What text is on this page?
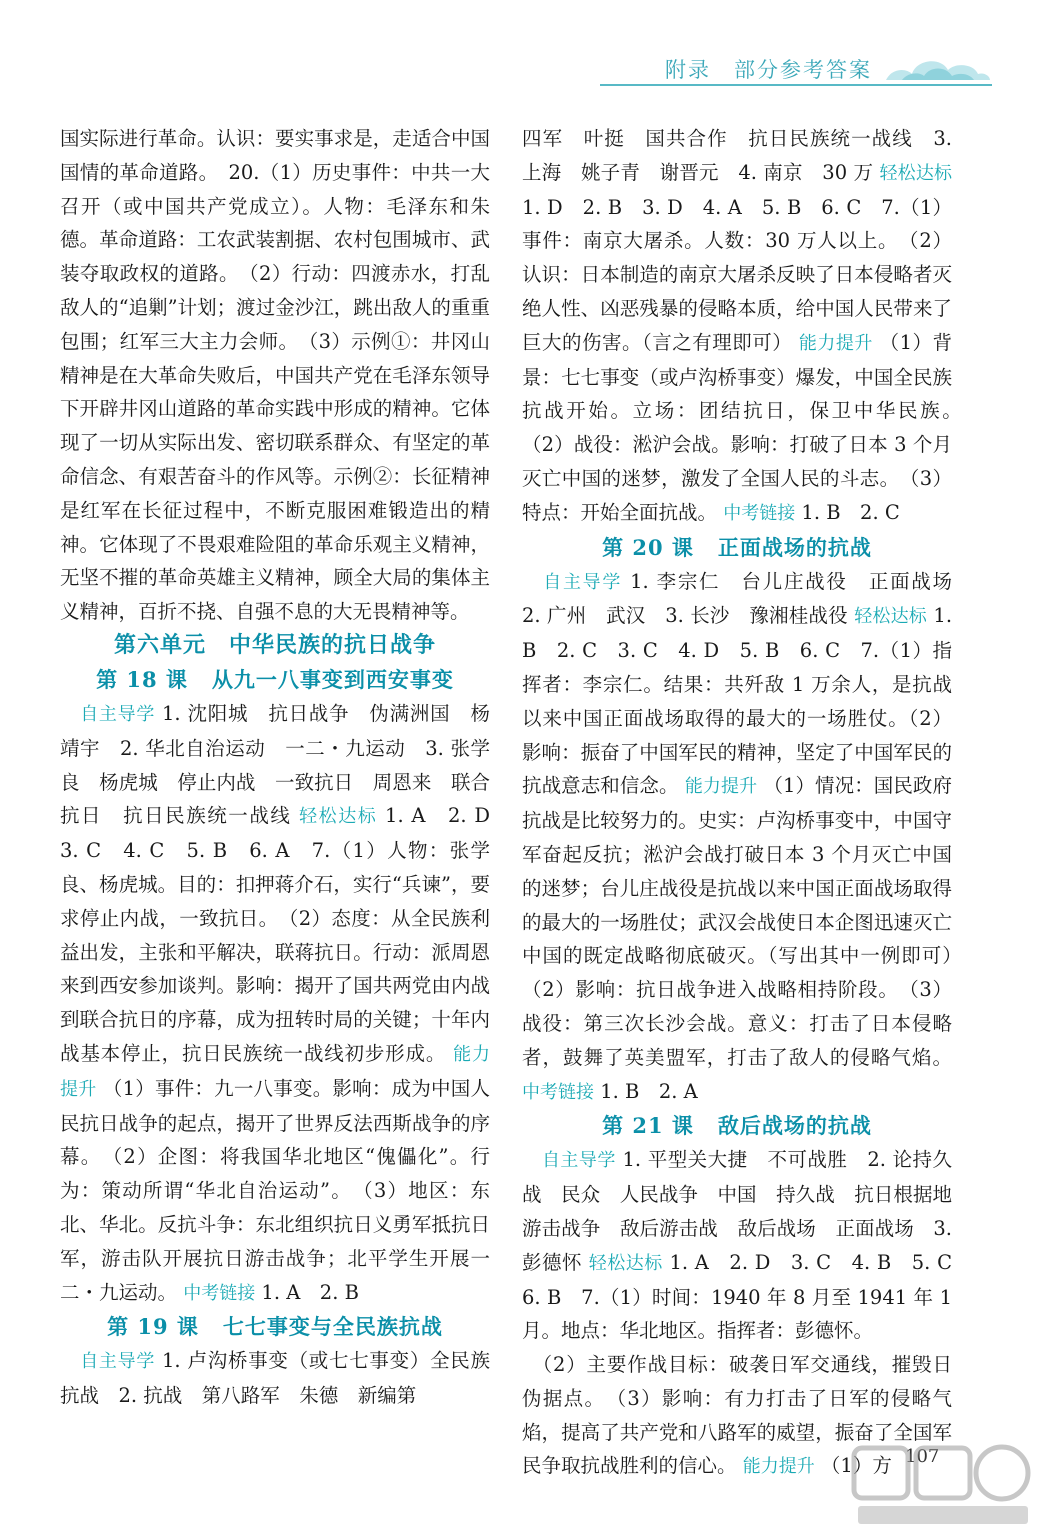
附录　部分参考答案

国实际进行革命。认识：要实事求是，走适合中国国情的革命道路。　20.（1）历史事件：中共一大召开（或中国共产党成立）。人物：毛泽东和朱德。革命道路：工农武装割据、农村包围城市、武装夺取政权的道路。　（2）行动：四渡赤水，打乱敌人的“追剿”计划；渡过金沙江，跳出敌人的重重包围；红军三大主力会师。　（3）示例①：井冈山精神是在大革命失败后，中国共产党在毛泽东领导下开辟井冈山道路的革命实践中形成的精神。它体现了一切从实际出发、密切联系群众、有坚定的革命信念、有艰苦奋斗的作风等。示例②：长征精神是红军在长征过程中，不断克服困难锻造出的精神。它体现了不畏艰难险阻的革命乐观主义精神，无坚不摧的革命英雄主义精神，顾全大局的集体主义精神，百折不挠、自强不息的大无畏精神等。

第六单元　中华民族的抗日战争

第 18 课 从九一八事变到西安事变

　自主导学 1. 沈阳城　抗日战争　伪满洲国　杨靖宇　2. 华北自治运动　一二・九运动　3. 张学良　杨虎城　停止内战　一致抗日　周恩来　联合抗日　抗日民族统一战线 轻松达标 1. A　2. D　3. C　4. C　5. B　6. A　7.（1）人物：张学良、杨虎城。目的：扣押蒋介石，实行“兵谏”，要求停止内战，一致抗日。　（2）态度：从全民族利益出发，主张和平解决，联蒋抗日。行动：派周恩来到西安参加谈判。影响：揭开了国共两党由内战到联合抗日的序幕，成为扭转时局的关键；十年内战基本停止，抗日民族统一战线初步形成。 能力提升 （1）事件：九一八事变。影响：成为中国人民抗日战争的起点，揭开了世界反法西斯战争的序幕。　（2）企图：将我国华北地区“傀儡化”。行为：策动所谓“华北自治运动”。　（3）地区：东北、华北。反抗斗争：东北组织抗日义勇军抵抗日军，游击队开展抗日游击战争；北平学生开展一二・九运动。 中考链接 1. A　2. B

第 19 课 七七事变与全民族抗战

　自主导学 1. 卢沟桥事变（或七七事变）全民族抗战　2. 抗战　第八路军　朱德　新编第

四军　叶挺　国共合作　抗日民族统一战线　3. 上海　姚子青　谢晋元　4. 南京　30 万 轻松达标 1. D　2. B　3. D　4. A　5. B　6. C　7.（1）事件：南京大屠杀。人数：30 万人以上。　（2）认识：日本制造的南京大屠杀反映了日本侵略者灭绝人性、凶恶残暴的侵略本质，给中国人民带来了巨大的伤害。（言之有理即可） 能力提升 （1）背景：七七事变（或卢沟桥事变）爆发，中国全民族抗战开始。立场：团结抗日，保卫中华民族。　（2）战役：淞沪会战。影响：打破了日本 3 个月灭亡中国的迷梦，激发了全国人民的斗志。　（3）特点：开始全面抗战。 中考链接 1. B　2. C

第 20 课 正面战场的抗战

　自主导学 1. 李宗仁　台儿庄战役　正面战场　2. 广州　武汉　3. 长沙　豫湘桂战役 轻松达标 1. B　2. C　3. C　4. D　5. B　6. C　7.（1）指挥者：李宗仁。结果：共歼敌 1 万余人，是抗战以来中国正面战场取得的最大的一场胜仗。（2）影响：振奋了中国军民的精神，坚定了中国军民的抗战意志和信念。 能力提升 （1）情况：国民政府抗战是比较努力的。史实：卢沟桥事变中，中国守军奋起反抗；淞沪会战打破日本 3 个月灭亡中国的迷梦；台儿庄战役是抗战以来中国正面战场取得的最大的一场胜仗；武汉会战使日本企图迅速灭亡中国的既定战略彻底破灭。（写出其中一例即可）　（2）影响：抗日战争进入战略相持阶段。　（3）战役：第三次长沙会战。意义：打击了日本侵略者，鼓舞了英美盟军，打击了敌人的侵略气焰。 中考链接 1. B　2. A

第 21 课 敌后战场的抗战

　自主导学 1. 平型关大捷　不可战胜　2. 论持久战　民众　人民战争　中国　持久战　抗日根据地　游击战争　敌后游击战　敌后战场　正面战场　3. 彭德怀 轻松达标 1. A　2. D　3. C　4. B　5. C　6. B　7.（1）时间：1940 年 8 月至 1941 年 1 月。地点：华北地区。指挥者：彭德怀。

　（2）主要作战目标：破袭日军交通线，摧毁日伪据点。　（3）影响：有力打击了日军的侵略气焰，提高了共产党和八路军的威望，振奋了全国军民争取抗战胜利的信心。 能力提升 （1）方 107
